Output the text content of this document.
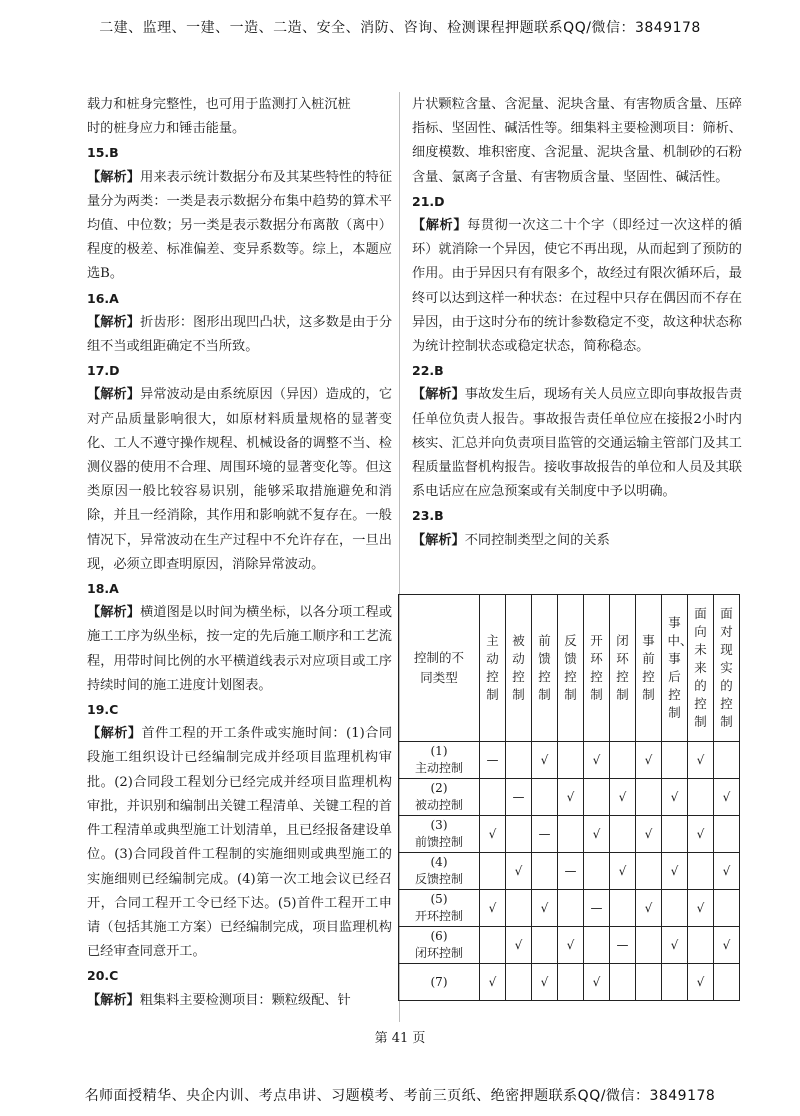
二建、监理、一建、一造、二造、安全、消防、咨询、检测课程押题联系QQ/微信：3849178

载力和桩身完整性，也可用于监测打入桩沉桩

时的桩身应力和锤击能量。

15.B

【解析】用来表示统计数据分布及其某些特性的特征量分为两类：一类是表示数据分布集中趋势的算术平均值、中位数；另一类是表示数据分布离散（离中）程度的极差、标准偏差、变异系数等。综上，本题应选B。

16.A

【解析】折齿形：图形出现凹凸状，这多数是由于分组不当或组距确定不当所致。

17.D

【解析】异常波动是由系统原因（异因）造成的，它对产品质量影响很大，如原材料质量规格的显著变化、工人不遵守操作规程、机械设备的调整不当、检测仪器的使用不合理、周围环境的显著变化等。但这类原因一般比较容易识别，能够采取措施避免和消除，并且一经消除，其作用和影响就不复存在。一般情况下，异常波动在生产过程中不允许存在，一旦出现，必须立即查明原因，消除异常波动。

18.A

【解析】横道图是以时间为横坐标，以各分项工程或施工工序为纵坐标，按一定的先后施工顺序和工艺流程，用带时间比例的水平横道线表示对应项目或工序持续时间的施工进度计划图表。

19.C

【解析】首件工程的开工条件或实施时间：(1)合同段施工组织设计已经编制完成并经项目监理机构审批。(2)合同段工程划分已经完成并经项目监理机构审批，并识别和编制出关键工程清单、关键工程的首件工程清单或典型施工计划清单，且已经报备建设单位。(3)合同段首件工程制的实施细则或典型施工的实施细则已经编制完成。(4)第一次工地会议已经召开，合同工程开工令已经下达。(5)首件工程开工申请（包括其施工方案）已经编制完成，项目监理机构已经审查同意开工。

20.C

【解析】粗集料主要检测项目：颗粒级配、针

片状颗粒含量、含泥量、泥块含量、有害物质含量、压碎指标、坚固性、碱活性等。细集料主要检测项目：筛析、细度模数、堆积密度、含泥量、泥块含量、机制砂的石粉含量、氯离子含量、有害物质含量、坚固性、碱活性。

21.D

【解析】每贯彻一次这二十个字（即经过一次这样的循环）就消除一个异因，使它不再出现，从而起到了预防的作用。由于异因只有有限多个，故经过有限次循环后，最终可以达到这样一种状态：在过程中只存在偶因而不存在异因，由于这时分布的统计参数稳定不变，故这种状态称为统计控制状态或稳定状态，简称稳态。

22.B

【解析】事故发生后，现场有关人员应立即向事故报告责任单位负责人报告。事故报告责任单位应在接报2小时内核实、汇总并向负责项目监管的交通运输主管部门及其工程质量监督机构报告。接收事故报告的单位和人员及其联系电话应在应急预案或有关制度中予以明确。

23.B

【解析】不同控制类型之间的关系

控制的不同类型	主动控制	被动控制	前馈控制	反馈控制	开环控制	闭环控制	事前控制	事中、事后控制	面向未来的控制	面对现实的控制

(1)
主动控制	—		√		√		√		√	

(2)
被动控制		—		√		√		√		√

(3)
前馈控制	√		—		√		√		√	

(4)
反馈控制		√		—		√		√		√

(5)
开环控制	√		√		—		√		√	

(6)
闭环控制		√		√		—		√		√

(7)	√		√		√				√	
第 41 页
名师面授精华、央企内训、考点串讲、习题模考、考前三页纸、绝密押题联系QQ/微信：3849178
